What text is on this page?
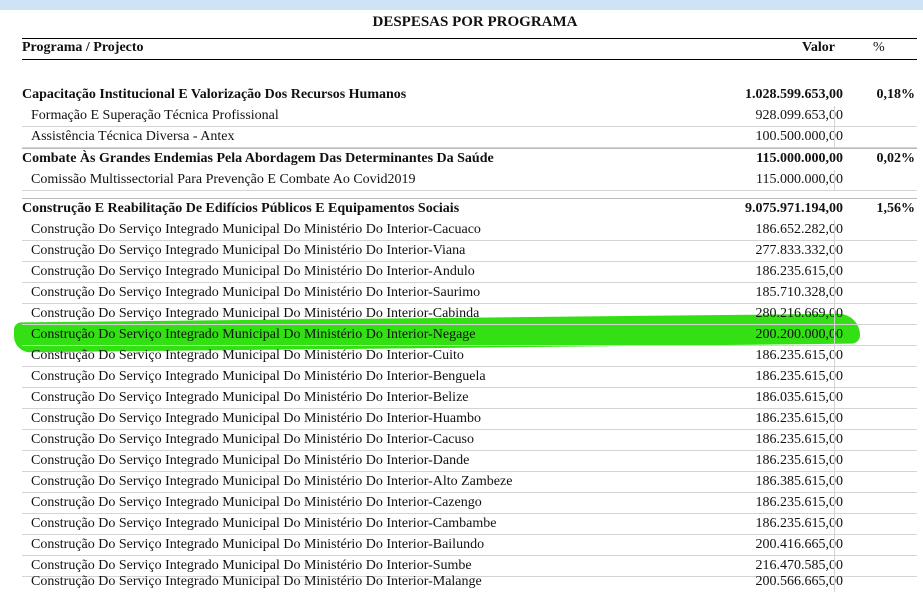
DESPESAS POR PROGRAMA
Programa / Projecto	Valor	%
Capacitação Institucional E Valorização Dos Recursos Humanos	1.028.599.653,00 0,18%
Formação E Superação Técnica Profissional	928.099.653,00
Assistência Técnica Diversa - Antex	100.500.000,00
Combate Às Grandes Endemias Pela Abordagem Das Determinantes Da Saúde	115.000.000,00 0,02%
Comissão Multissectorial Para Prevenção E Combate Ao Covid2019	115.000.000,00
Construção E Reabilitação De Edifícios Públicos E Equipamentos Sociais	9.075.971.194,00 1,56%
Construção Do Serviço Integrado Municipal Do Ministério Do Interior-Cacuaco	186.652.282,00
Construção Do Serviço Integrado Municipal Do Ministério Do Interior-Viana	277.833.332,00
Construção Do Serviço Integrado Municipal Do Ministério Do Interior-Andulo	186.235.615,00
Construção Do Serviço Integrado Municipal Do Ministério Do Interior-Saurimo	185.710.328,00
Construção Do Serviço Integrado Municipal Do Ministério Do Interior-Cabinda	280.216.669,00
Construção Do Serviço Integrado Municipal Do Ministério Do Interior-Negage	200.200.000,00
Construção Do Serviço Integrado Municipal Do Ministério Do Interior-Cuito	186.235.615,00
Construção Do Serviço Integrado Municipal Do Ministério Do Interior-Benguela	186.235.615,00
Construção Do Serviço Integrado Municipal Do Ministério Do Interior-Belize	186.035.615,00
Construção Do Serviço Integrado Municipal Do Ministério Do Interior-Huambo	186.235.615,00
Construção Do Serviço Integrado Municipal Do Ministério Do Interior-Cacuso	186.235.615,00
Construção Do Serviço Integrado Municipal Do Ministério Do Interior-Dande	186.235.615,00
Construção Do Serviço Integrado Municipal Do Ministério Do Interior-Alto Zambeze	186.385.615,00
Construção Do Serviço Integrado Municipal Do Ministério Do Interior-Cazengo	186.235.615,00
Construção Do Serviço Integrado Municipal Do Ministério Do Interior-Cambambe	186.235.615,00
Construção Do Serviço Integrado Municipal Do Ministério Do Interior-Bailundo	200.416.665,00
Construção Do Serviço Integrado Municipal Do Ministério Do Interior-Sumbe	216.470.585,00
Construção Do Serviço Integrado Municipal Do Ministério Do Interior-Malange	200.566.665,00
